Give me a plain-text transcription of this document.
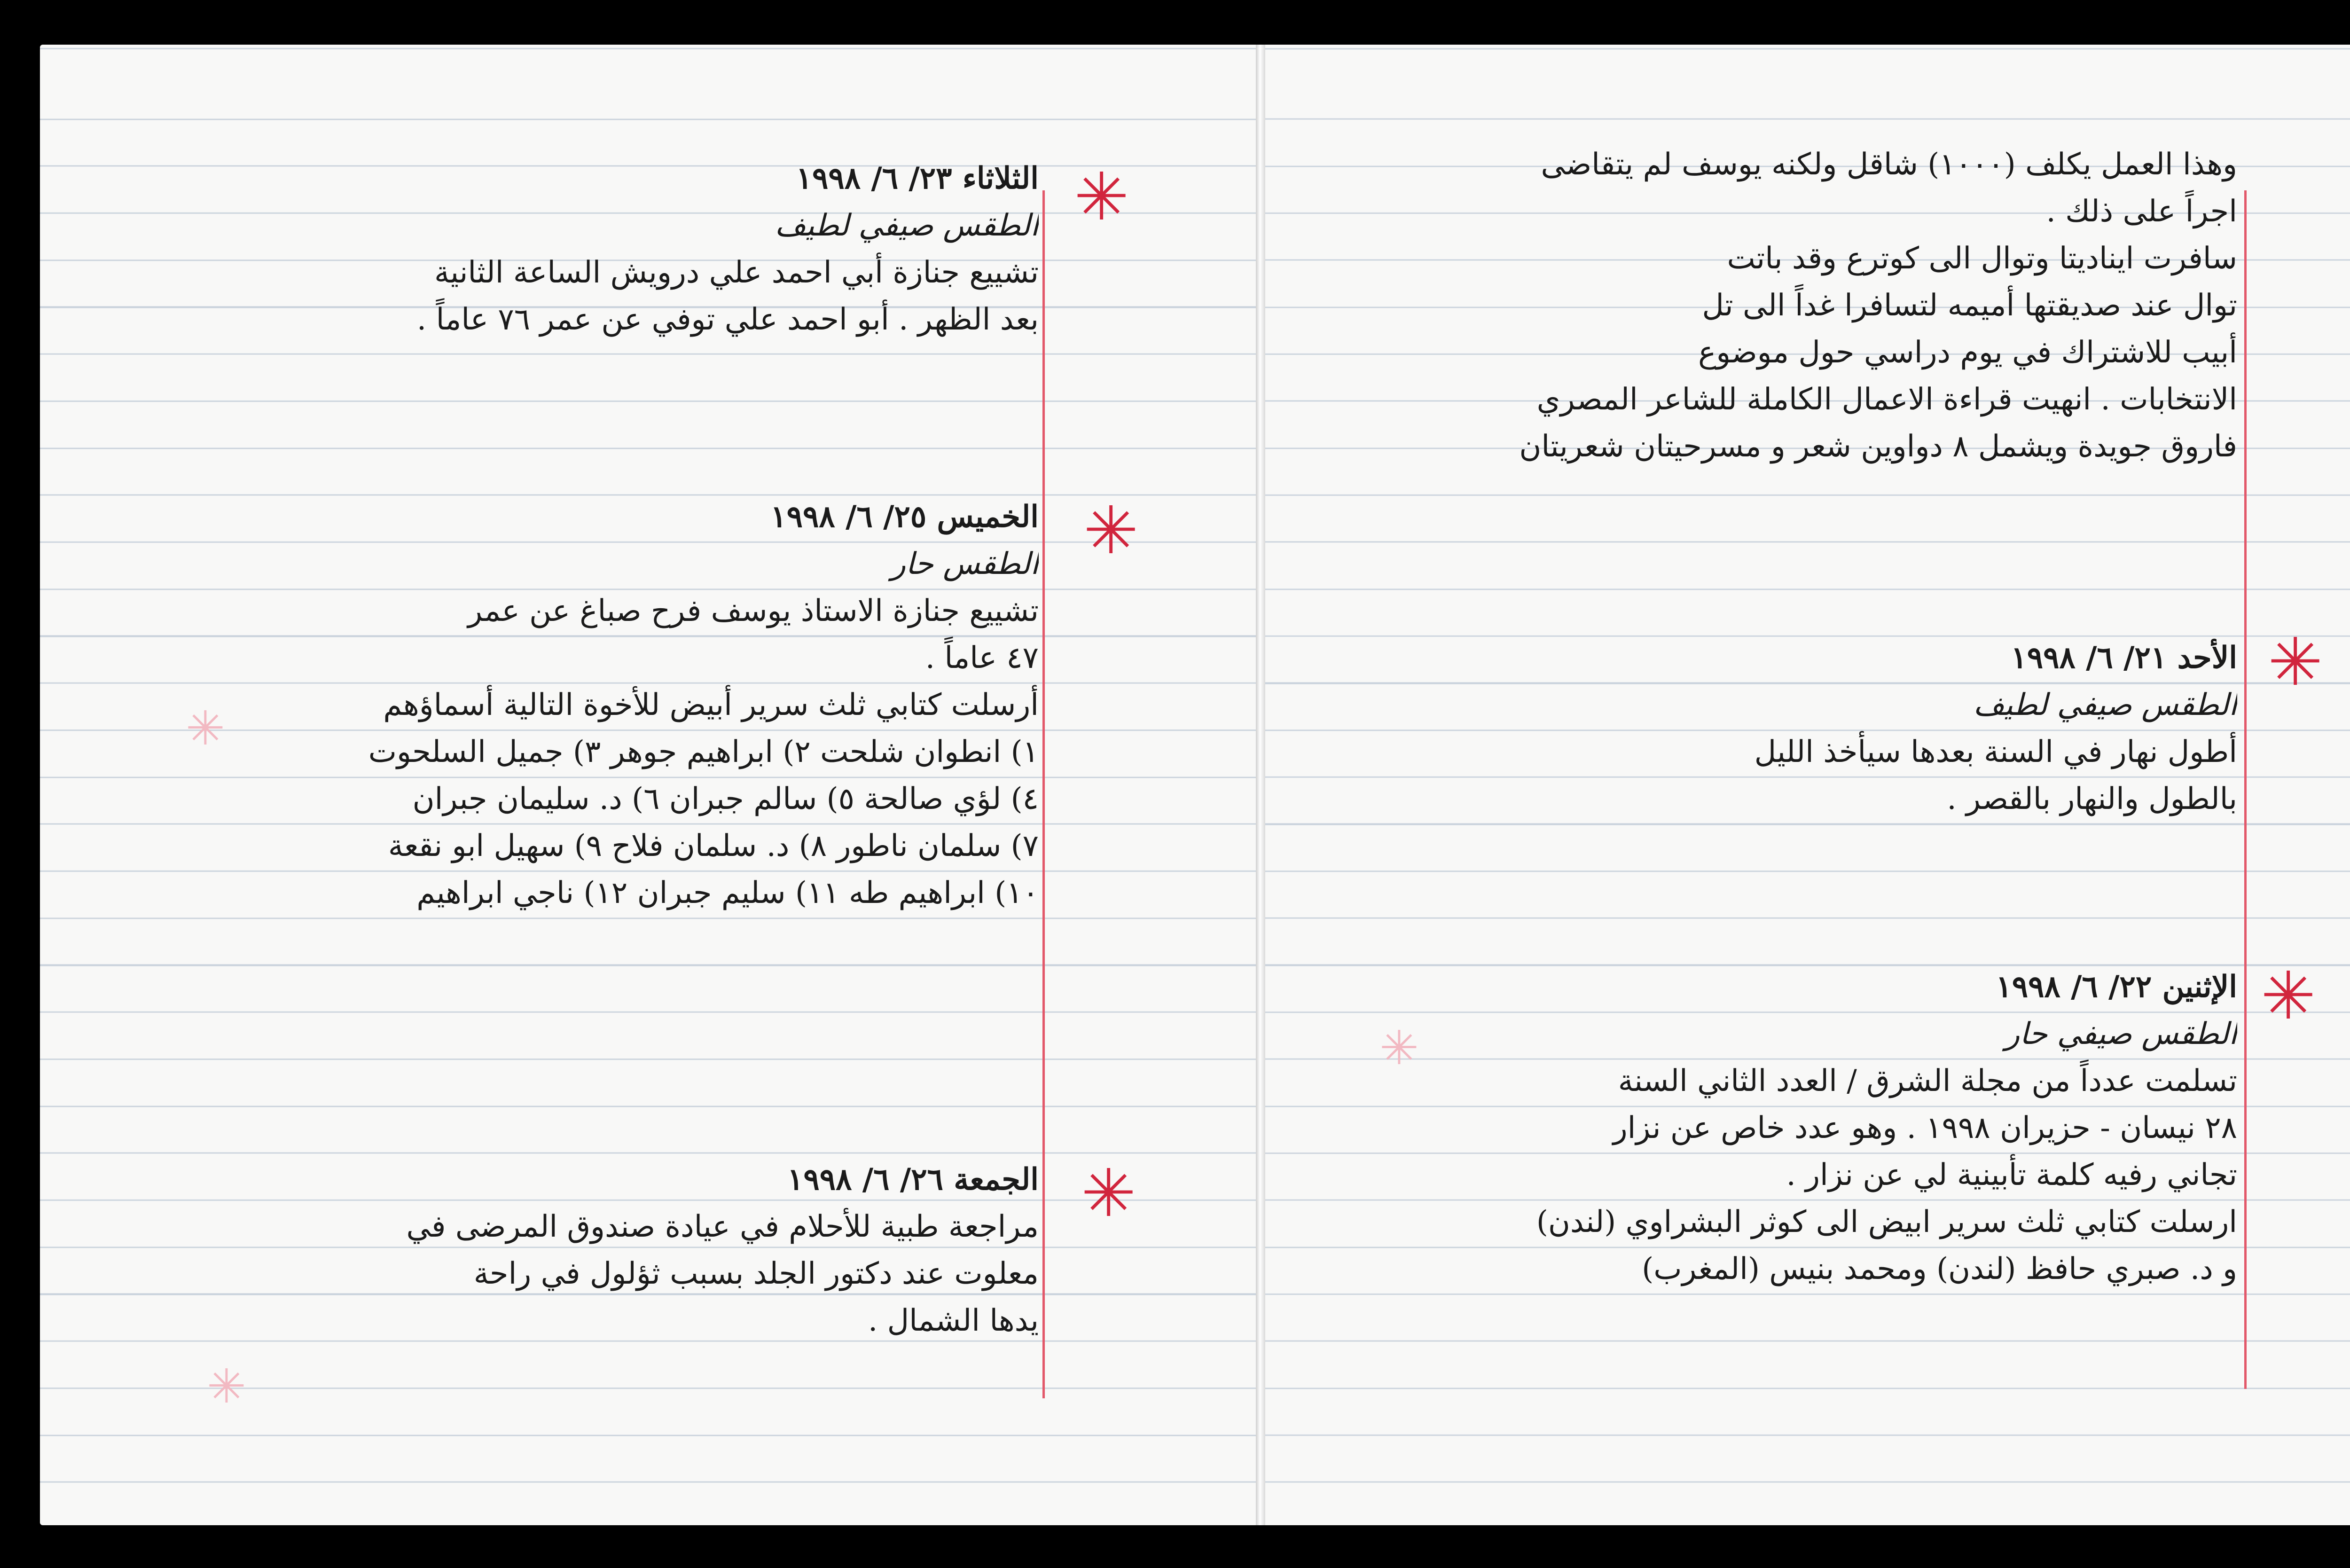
✳
✳
✳
✳
✳
✳
✳
✳
وهذا العمل يكلف (١٠٠٠) شاقل ولكنه يوسف لم يتقاضى
اجراً على ذلك .
سافرت ايناديتا وتوال الى كوترع وقد باتت
توال عند صديقتها أميمه لتسافرا غداً الى تل
أبيب للاشتراك في يوم دراسي حول موضوع
الانتخابات . انهيت قراءة الاعمال الكاملة للشاعر المصري
فاروق جويدة ويشمل ٨ دواوين شعر و مسرحيتان شعريتان
الأحد ٢١/ ٦/ ١٩٩٨
الطقس صيفي لطيف
أطول نهار في السنة بعدها سيأخذ الليل
بالطول والنهار بالقصر .
الإثنين ٢٢/ ٦/ ١٩٩٨
الطقس صيفي حار
تسلمت عدداً من مجلة الشرق / العدد الثاني السنة
٢٨ نيسان - حزيران ١٩٩٨ . وهو عدد خاص عن نزار
تجاني رفيه كلمة تأبينية لي عن نزار .
ارسلت كتابي ثلث سرير ابيض الى كوثر البشراوي (لندن)
و د. صبري حافظ (لندن) ومحمد بنيس (المغرب)
الثلاثاء ٢٣/ ٦/ ١٩٩٨
الطقس صيفي لطيف
تشييع جنازة أبي احمد علي درويش الساعة الثانية
بعد الظهر . أبو احمد علي توفي عن عمر ٧٦ عاماً .
الخميس ٢٥/ ٦/ ١٩٩٨
الطقس حار
تشييع جنازة الاستاذ يوسف فرح صباغ عن عمر
٤٧ عاماً .
أرسلت كتابي ثلث سرير أبيض للأخوة التالية أسماؤهم
١) انطوان شلحت ٢) ابراهيم جوهر ٣) جميل السلحوت
٤) لؤي صالحة ٥) سالم جبران ٦) د. سليمان جبران
٧) سلمان ناطور ٨) د. سلمان فلاح ٩) سهيل ابو نقعة
١٠) ابراهيم طه ١١) سليم جبران ١٢) ناجي ابراهيم
الجمعة ٢٦/ ٦/ ١٩٩٨
مراجعة طبية للأحلام في عيادة صندوق المرضى في
معلوت عند دكتور الجلد بسبب ثؤلول في راحة
يدها الشمال .
